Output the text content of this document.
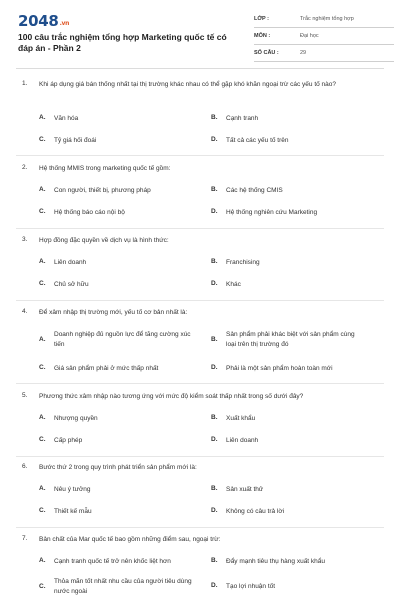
2048.vn
100 câu trắc nghiệm tổng hợp Marketing quốc tế có đáp án - Phần 2
LỚP :	Trắc nghiệm tổng hợp
MÔN :	Đại học
SỐ CÂU :	29
1. Khi áp dụng giá bán thống nhất tại thị trường khác nhau có thể gặp khó khăn ngoại trừ các yếu tố nào?
A. Văn hóa	B. Cạnh tranh
C. Tỷ giá hối đoái	D. Tất cả các yếu tố trên
2. Hệ thống MMIS trong marketing quốc tế gồm:
A. Con người, thiết bị, phương pháp	B. Các hệ thống CMIS
C. Hệ thống báo cáo nội bộ	D. Hệ thống nghiên cứu Marketing
3. Hợp đồng đặc quyền về dịch vụ là hình thức:
A. Liên doanh	B. Franchising
C. Chủ sở hữu	D. Khác
4. Để xâm nhập thị trường mới, yếu tố cơ bản nhất là:
A.
Doanh nghiệp đủ nguồn lực để tăng cường xúc tiến
B.
Sản phẩm phải khác biệt với sản phẩm cùng loại trên thị trường đó
C. Giá sản phẩm phải ở mức thấp nhất	D. Phải là một sản phẩm hoàn toàn mới
5. Phương thức xâm nhập nào tương ứng với mức độ kiểm soát thấp nhất trong số dưới đây?
A. Nhượng quyền	B. Xuất khẩu
C. Cấp phép	D. Liên doanh
6. Bước thứ 2 trong quy trình phát triển sản phẩm mới là:
A. Nêu ý tưởng	B. Sản xuất thử
C. Thiết kế mẫu	D. Không có câu trả lời
7. Bản chất của Mar quốc tế bao gồm những điểm sau, ngoại trừ:
A. Cạnh tranh quốc tế trở nên khốc liệt hơn	B. Đẩy mạnh tiêu thụ hàng xuất khẩu
C.
Thỏa mãn tốt nhất nhu cầu của người tiêu dùng nước ngoài
D. Tạo lợi nhuận tốt
